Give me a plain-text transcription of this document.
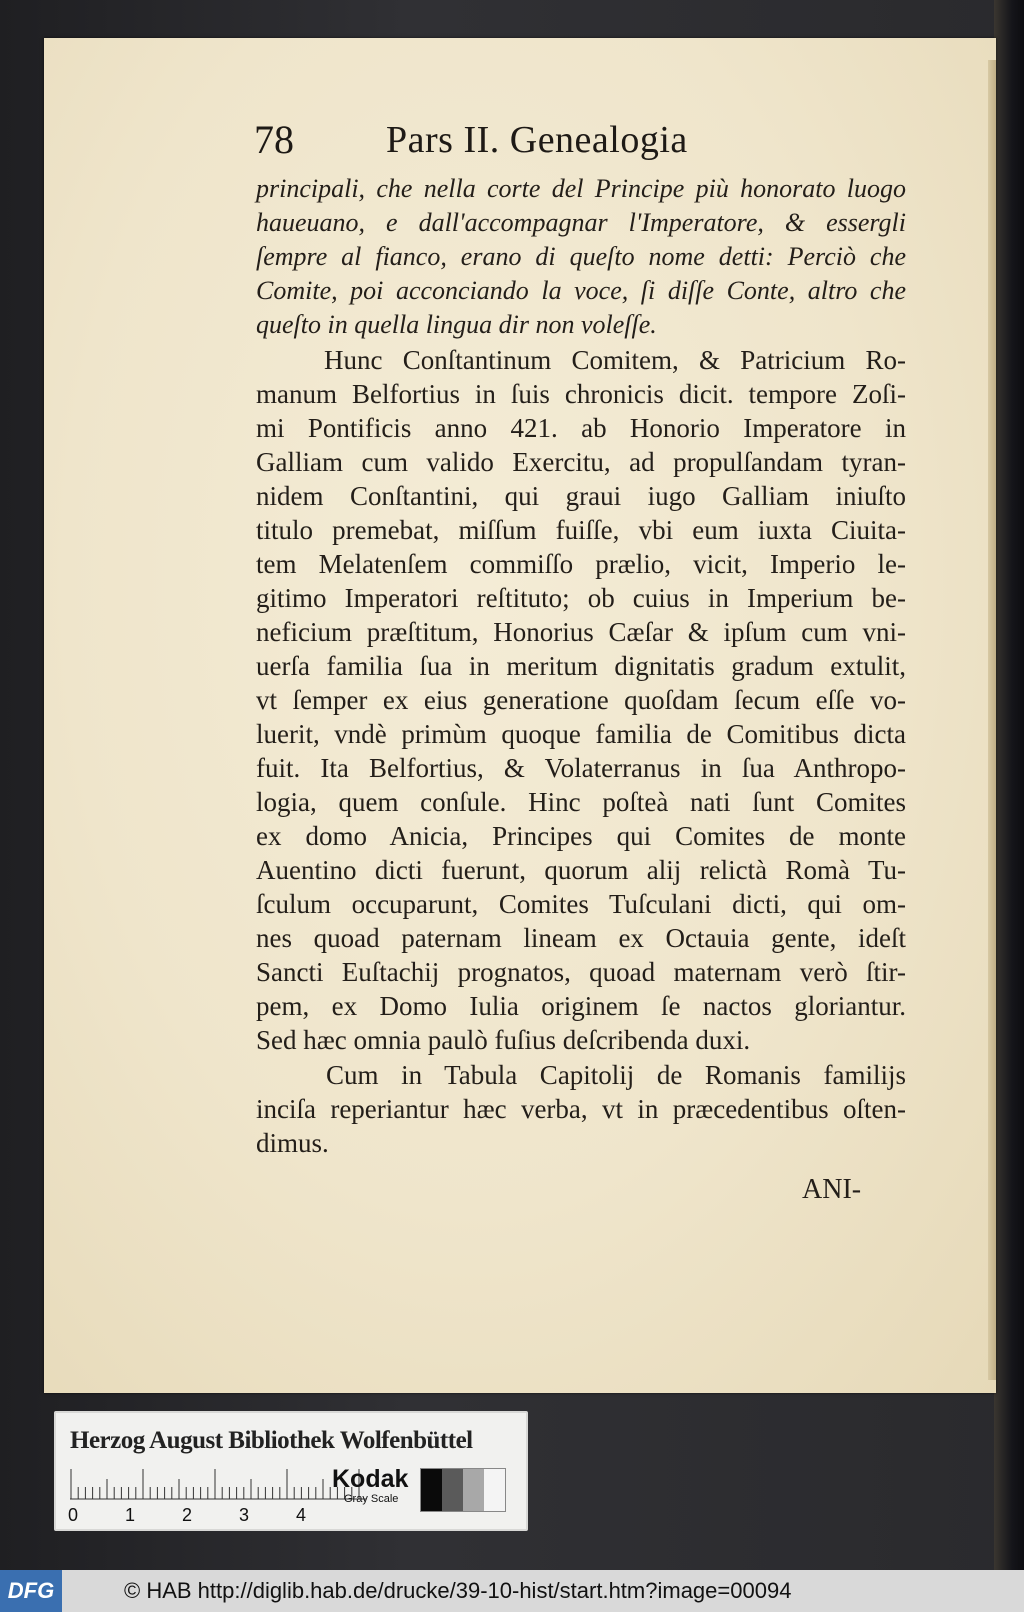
78 Pars II. Genealogia
principali, che nella corte del Principe più honorato luogo
haueuano, e dall'accompagnar l'Imperatore, & essergli
ſempre al fianco, erano di queſto nome detti: Perciò che
Comite, poi acconciando la voce, ſi diſſe Conte, altro che
queſto in quella lingua dir non voleſſe.
Hunc Conſtantinum Comitem, & Patricium Ro-
manum Belfortius in ſuis chronicis dicit. tempore Zoſi-
mi Pontificis anno 421. ab Honorio Imperatore in
Galliam cum valido Exercitu, ad propulſandam tyran-
nidem Conſtantini, qui graui iugo Galliam iniuſto
titulo premebat, miſſum fuiſſe, vbi eum iuxta Ciuita-
tem Melatenſem commiſſo prælio, vicit, Imperio le-
gitimo Imperatori reſtituto; ob cuius in Imperium be-
neficium præſtitum, Honorius Cæſar & ipſum cum vni-
uerſa familia ſua in meritum dignitatis gradum extulit,
vt ſemper ex eius generatione quoſdam ſecum eſſe vo-
luerit, vndè primùm quoque familia de Comitibus dicta
fuit. Ita Belfortius, & Volaterranus in ſua Anthropo-
logia, quem conſule. Hinc poſteà nati ſunt Comites
ex domo Anicia, Principes qui Comites de monte
Auentino dicti fuerunt, quorum alij relictà Romà Tu-
ſculum occuparunt, Comites Tuſculani dicti, qui om-
nes quoad paternam lineam ex Octauia gente, ideſt
Sancti Euſtachij prognatos, quoad maternam verò ſtir-
pem, ex Domo Iulia originem ſe nactos gloriantur.
Sed hæc omnia paulò fuſius deſcribenda duxi.
Cum in Tabula Capitolij de Romanis familijs
inciſa reperiantur hæc verba, vt in præcedentibus oſten-
dimus.
ANI-
Herzog August Bibliothek Wolfenbüttel
0	1	2	3	4
Kodak
Gray Scale
DFG	© HAB http://diglib.hab.de/drucke/39-10-hist/start.htm?image=00094
